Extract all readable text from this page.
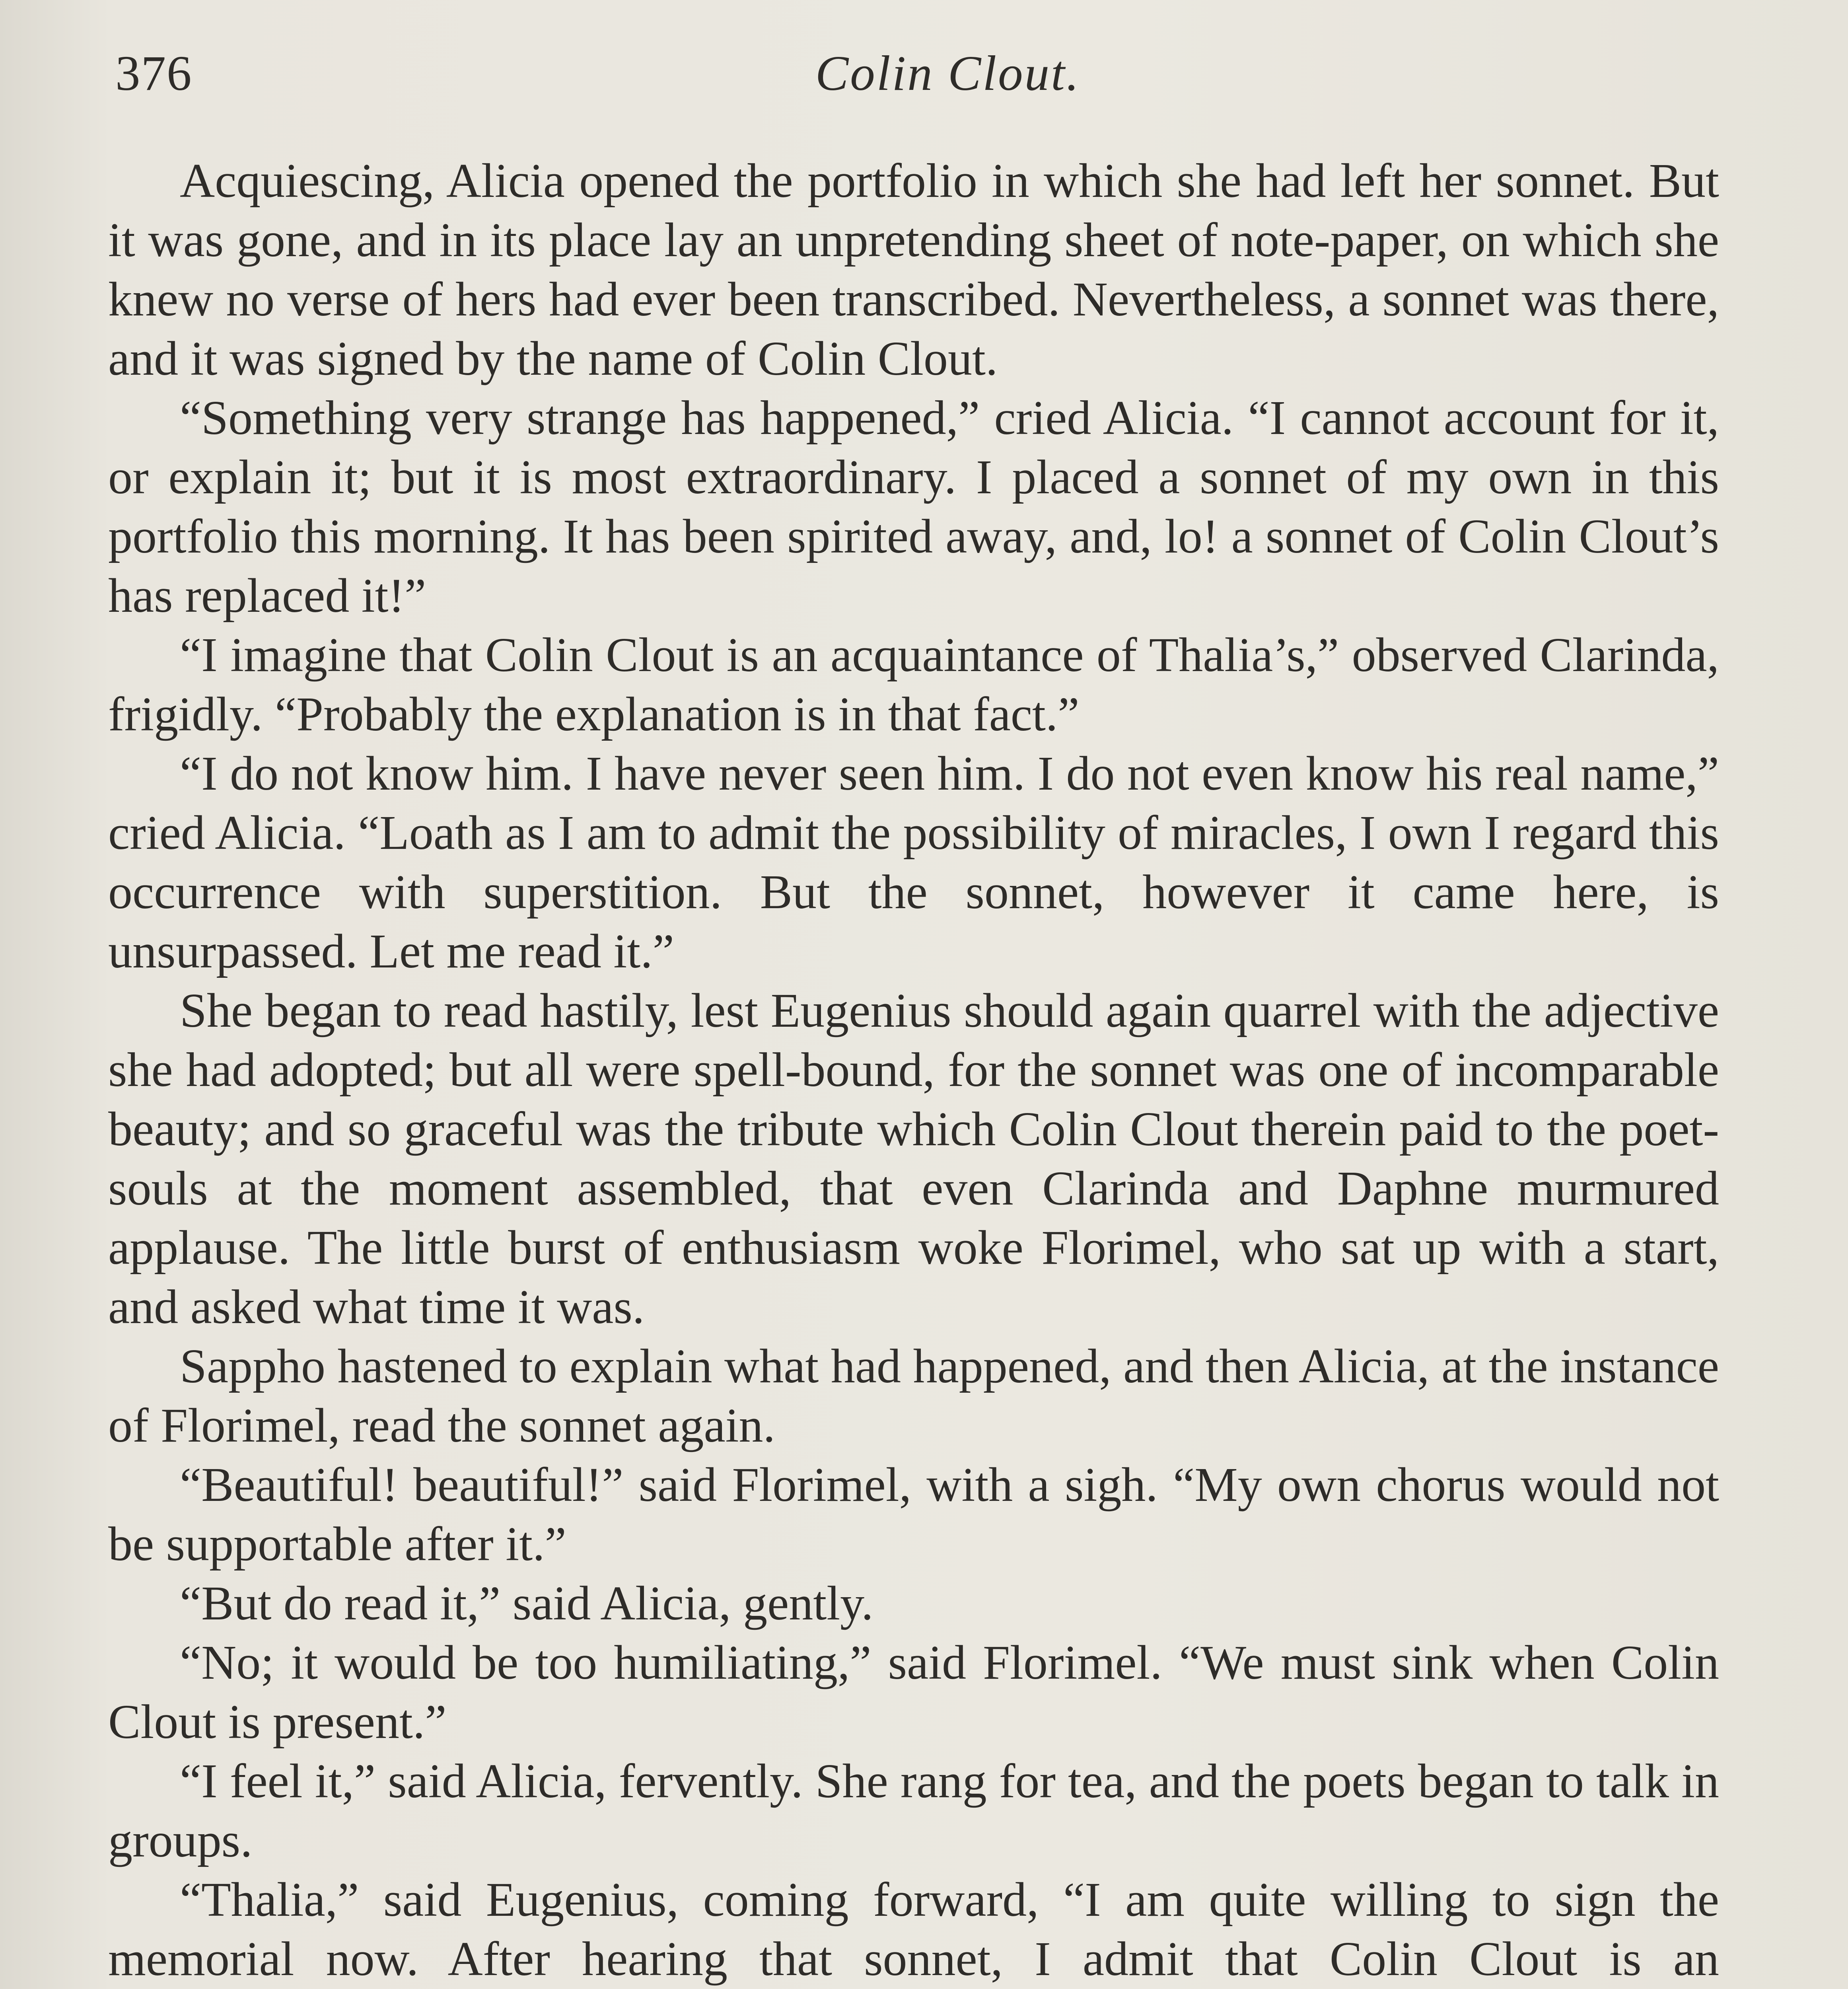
376	Colin Clout.

Acquiescing, Alicia opened the portfolio in which she had left her sonnet. But it was gone, and in its place lay an unpretending sheet of note-paper, on which she knew no verse of hers had ever been transcribed. Nevertheless, a sonnet was there, and it was signed by the name of Colin Clout.

“Something very strange has happened,” cried Alicia. “I cannot account for it, or explain it; but it is most extraordinary. I placed a sonnet of my own in this portfolio this morning. It has been spirited away, and, lo! a sonnet of Colin Clout’s has replaced it!”

“I imagine that Colin Clout is an acquaintance of Thalia’s,” observed Clarinda, frigidly. “Probably the explanation is in that fact.”

“I do not know him. I have never seen him. I do not even know his real name,” cried Alicia. “Loath as I am to admit the possibility of miracles, I own I regard this occurrence with superstition. But the sonnet, however it came here, is unsurpassed. Let me read it.”

She began to read hastily, lest Eugenius should again quarrel with the adjective she had adopted; but all were spell-bound, for the sonnet was one of incomparable beauty; and so graceful was the tribute which Colin Clout therein paid to the poet-souls at the moment assembled, that even Clarinda and Daphne murmured applause. The little burst of enthusiasm woke Florimel, who sat up with a start, and asked what time it was.

Sappho hastened to explain what had happened, and then Alicia, at the instance of Florimel, read the sonnet again.

“Beautiful! beautiful!” said Florimel, with a sigh. “My own chorus would not be supportable after it.”

“But do read it,” said Alicia, gently.

“No; it would be too humiliating,” said Florimel. “We must sink when Colin Clout is present.”

“I feel it,” said Alicia, fervently. She rang for tea, and the poets began to talk in groups.

“Thalia,” said Eugenius, coming forward, “I am quite willing to sign the memorial now. After hearing that sonnet, I admit that Colin Clout is an
